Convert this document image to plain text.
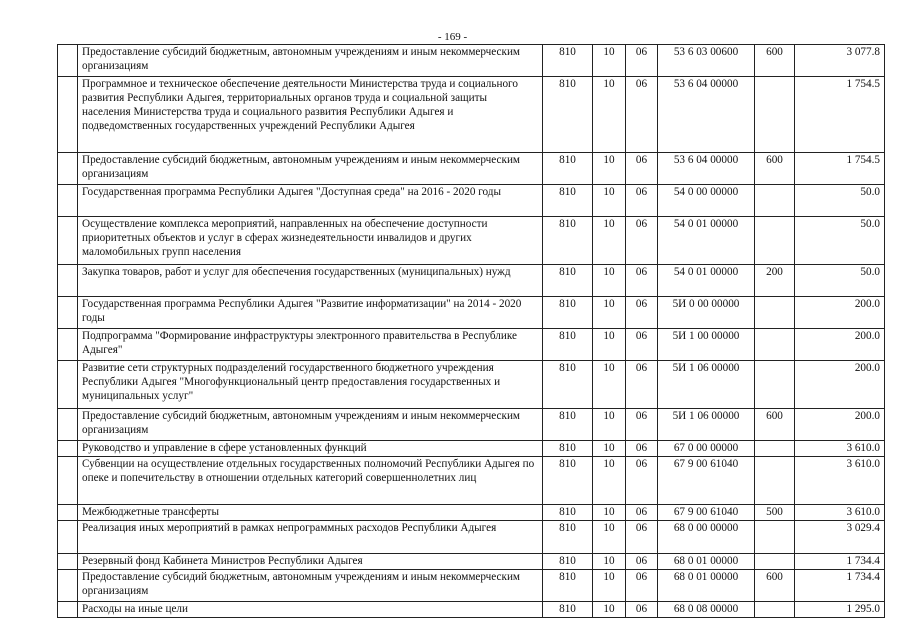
- 169 -
	Предоставление субсидий бюджетным, автономным учреждениям и иным некоммерческим организациям	810	10	06	53 6 03 00600	600	3 077.8
	Программное и техническое обеспечение деятельности Министерства труда и социального развития Республики Адыгея, территориальных органов труда и социальной защиты населения Министерства труда и социального развития Республики Адыгея и подведомственных государственных учреждений Республики Адыгея	810	10	06	53 6 04 00000		1 754.5
	Предоставление субсидий бюджетным, автономным учреждениям и иным некоммерческим организациям	810	10	06	53 6 04 00000	600	1 754.5
	Государственная программа Республики Адыгея "Доступная среда" на 2016 - 2020 годы	810	10	06	54 0 00 00000		50.0
	Осуществление комплекса мероприятий, направленных на обеспечение доступности приоритетных объектов и услуг в сферах жизнедеятельности инвалидов и других маломобильных групп населения	810	10	06	54 0 01 00000		50.0
	Закупка товаров, работ и услуг для обеспечения государственных (муниципальных) нужд	810	10	06	54 0 01 00000	200	50.0
	Государственная программа Республики Адыгея "Развитие информатизации" на 2014 - 2020 годы	810	10	06	5И 0 00 00000		200.0
	Подпрограмма "Формирование инфраструктуры электронного правительства в Республике Адыгея"	810	10	06	5И 1 00 00000		200.0
	Развитие сети структурных подразделений государственного бюджетного учреждения Республики Адыгея "Многофункциональный центр предоставления государственных и муниципальных услуг"	810	10	06	5И 1 06 00000		200.0
	Предоставление субсидий бюджетным, автономным учреждениям и иным некоммерческим организациям	810	10	06	5И 1 06 00000	600	200.0
	Руководство и управление в сфере установленных функций	810	10	06	67 0 00 00000		3 610.0
	Субвенции на осуществление отдельных государственных полномочий Республики Адыгея по опеке и попечительству в отношении отдельных категорий совершеннолетних лиц	810	10	06	67 9 00 61040		3 610.0
	Межбюджетные трансферты	810	10	06	67 9 00 61040	500	3 610.0
	Реализация иных мероприятий в рамках непрограммных расходов Республики Адыгея	810	10	06	68 0 00 00000		3 029.4
	Резервный фонд Кабинета Министров Республики Адыгея	810	10	06	68 0 01 00000		1 734.4
	Предоставление субсидий бюджетным, автономным учреждениям и иным некоммерческим организациям	810	10	06	68 0 01 00000	600	1 734.4
	Расходы на иные цели	810	10	06	68 0 08 00000		1 295.0
